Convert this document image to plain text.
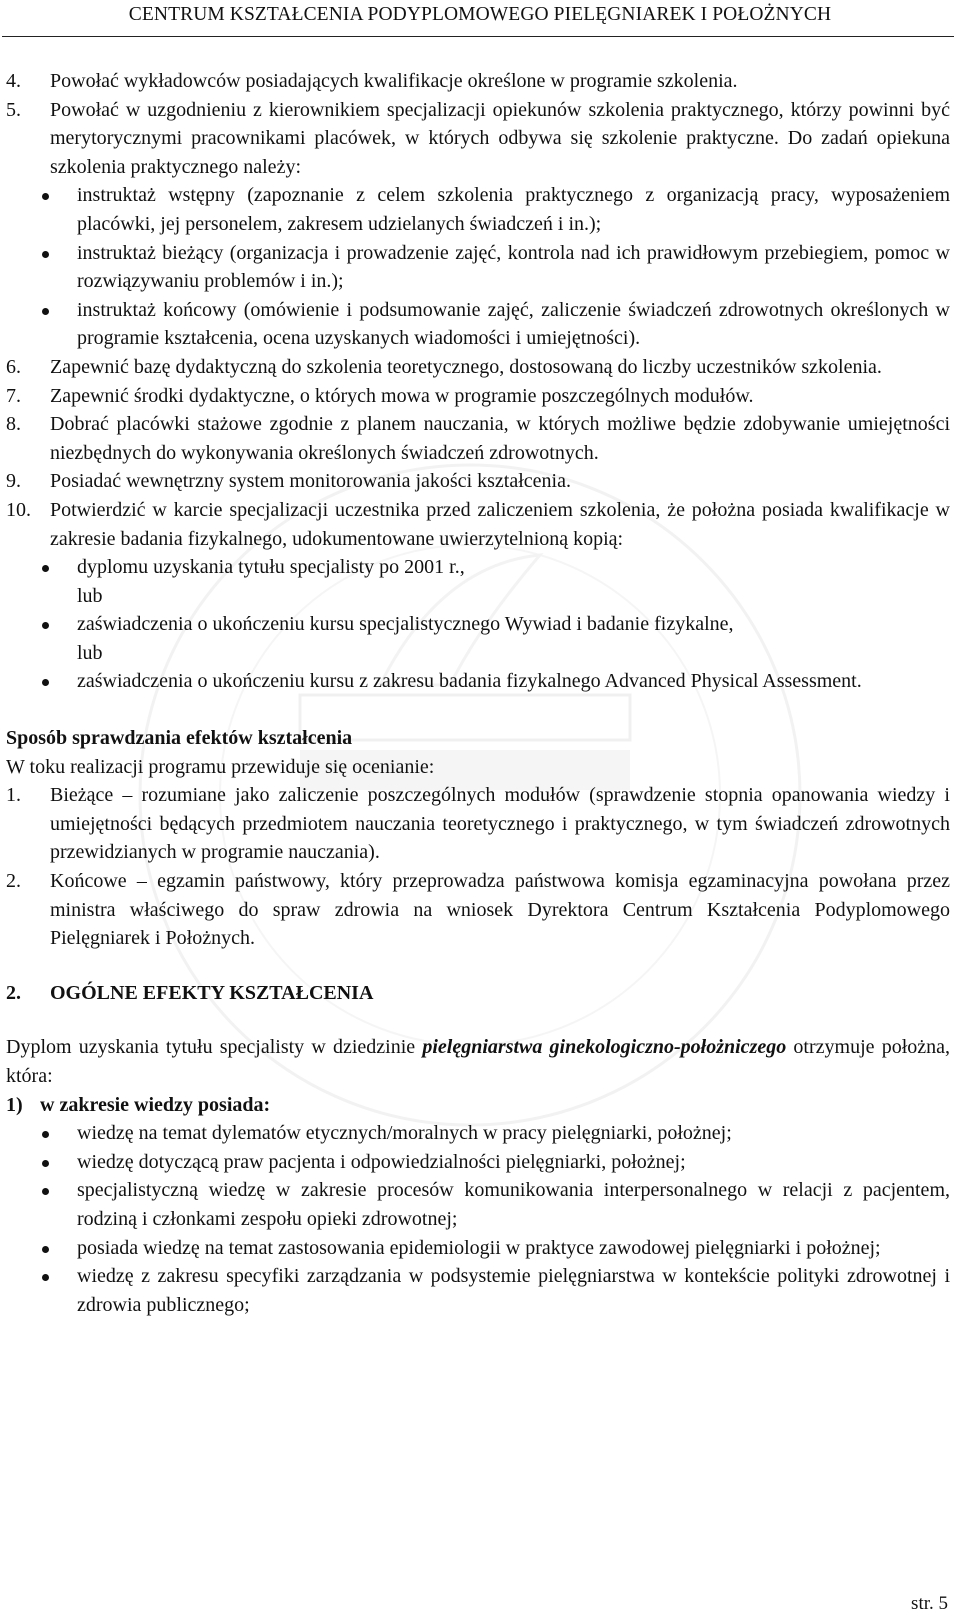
CENTRUM KSZTAŁCENIA PODYPLOMOWEGO PIELĘGNIAREK I POŁOŻNYCH
4.	Powołać wykładowców posiadających kwalifikacje określone w programie szkolenia.
5.	Powołać w uzgodnieniu z kierownikiem specjalizacji opiekunów szkolenia praktycznego, którzy powinni być merytorycznymi pracownikami placówek, w których odbywa się szkolenie praktyczne. Do zadań opiekuna szkolenia praktycznego należy:
instruktaż wstępny (zapoznanie z celem szkolenia praktycznego z organizacją pracy, wyposażeniem placówki, jej personelem, zakresem udzielanych świadczeń i in.);
instruktaż bieżący (organizacja i prowadzenie zajęć, kontrola nad ich prawidłowym przebiegiem, pomoc w rozwiązywaniu problemów i in.);
instruktaż końcowy (omówienie i podsumowanie zajęć, zaliczenie świadczeń zdrowotnych określonych w programie kształcenia, ocena uzyskanych wiadomości i umiejętności).
6.	Zapewnić bazę dydaktyczną do szkolenia teoretycznego, dostosowaną do liczby uczestników szkolenia.
7.	Zapewnić środki dydaktyczne, o których mowa w programie poszczególnych modułów.
8.	Dobrać placówki stażowe zgodnie z planem nauczania, w których możliwe będzie zdobywanie umiejętności niezbędnych do wykonywania określonych świadczeń zdrowotnych.
9.	Posiadać wewnętrzny system monitorowania jakości kształcenia.
10. Potwierdzić w karcie specjalizacji uczestnika przed zaliczeniem szkolenia, że położna posiada kwalifikacje w zakresie badania fizykalnego, udokumentowane uwierzytelnioną kopią:
dyplomu uzyskania tytułu specjalisty po 2001 r.,
lub
zaświadczenia o ukończeniu kursu specjalistycznego Wywiad i badanie fizykalne,
lub
zaświadczenia o ukończeniu kursu z zakresu badania fizykalnego Advanced Physical Assessment.
Sposób sprawdzania efektów kształcenia
W toku realizacji programu przewiduje się ocenianie:
1.	Bieżące – rozumiane jako zaliczenie poszczególnych modułów (sprawdzenie stopnia opanowania wiedzy i umiejętności będących przedmiotem nauczania teoretycznego i praktycznego, w tym świadczeń zdrowotnych przewidzianych w programie nauczania).
2.	Końcowe – egzamin państwowy, który przeprowadza państwowa komisja egzaminacyjna powołana przez ministra właściwego do spraw zdrowia na wniosek Dyrektora Centrum Kształcenia Podyplomowego Pielęgniarek i Położnych.
2.	OGÓLNE EFEKTY KSZTAŁCENIA
Dyplom uzyskania tytułu specjalisty w dziedzinie pielęgniarstwa ginekologiczno-położniczego otrzymuje położna, która:
1) w zakresie wiedzy posiada:
wiedzę na temat dylematów etycznych/moralnych w pracy pielęgniarki, położnej;
wiedzę dotyczącą praw pacjenta i odpowiedzialności pielęgniarki, położnej;
specjalistyczną wiedzę w zakresie procesów komunikowania interpersonalnego w relacji z pacjentem, rodziną i członkami zespołu opieki zdrowotnej;
posiada wiedzę na temat zastosowania epidemiologii w praktyce zawodowej pielęgniarki i położnej;
wiedzę z zakresu specyfiki zarządzania w podsystemie pielęgniarstwa w kontekście polityki zdrowotnej i zdrowia publicznego;
str. 5
